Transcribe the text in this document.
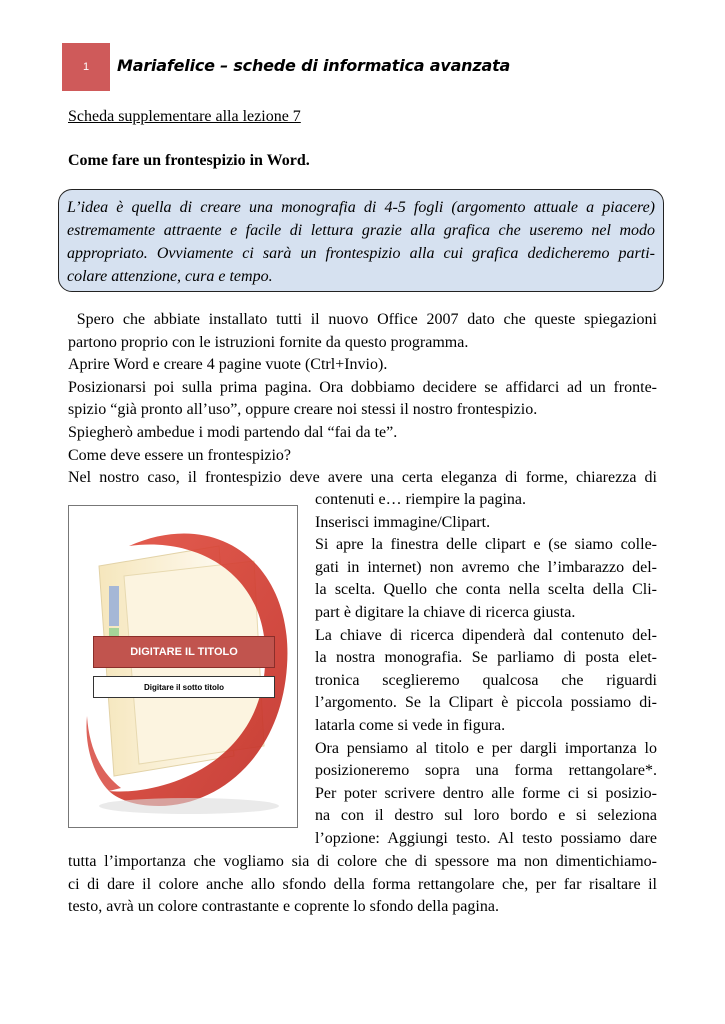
1 Mariafelice – schede di informatica avanzata
Scheda supplementare alla lezione 7
Come fare un frontespizio in Word.
L’idea è quella di creare una monografia di 4-5 fogli (argomento attuale a piacere)
estremamente attraente e facile di lettura grazie alla grafica che useremo nel modo
appropriato. Ovviamente ci sarà un frontespizio alla cui grafica dedicheremo parti-
colare attenzione, cura e tempo.
Spero che abbiate installato tutti il nuovo Office 2007 dato che queste spiegazioni
partono proprio con le istruzioni fornite da questo programma.
Aprire Word e creare 4 pagine vuote (Ctrl+Invio).
Posizionarsi poi sulla prima pagina. Ora dobbiamo decidere se affidarci ad un fronte-
spizio “già pronto all’uso”, oppure creare noi stessi il nostro frontespizio.
Spiegherò ambedue i modi partendo dal “fai da te”.
Come deve essere un frontespizio?
Nel nostro caso, il frontespizio deve avere una certa eleganza di forme, chiarezza di
DIGITARE IL TITOLO
Digitare il sotto titolo
contenuti e… riempire la pagina.
Inserisci immagine/Clipart.
Si apre la finestra delle clipart e (se siamo colle-
gati in internet) non avremo che l’imbarazzo del-
la scelta. Quello che conta nella scelta della Cli-
part è digitare la chiave di ricerca giusta.
La chiave di ricerca dipenderà dal contenuto del-
la nostra monografia. Se parliamo di posta elet-
tronica sceglieremo qualcosa che riguardi
l’argomento. Se la Clipart è piccola possiamo di-
latarla come si vede in figura.
Ora pensiamo al titolo e per dargli importanza lo
posizioneremo sopra una forma rettangolare*.
Per poter scrivere dentro alle forme ci si posizio-
na con il destro sul loro bordo e si seleziona
l’opzione: Aggiungi testo. Al testo possiamo dare
tutta l’importanza che vogliamo sia di colore che di spessore ma non dimentichiamo-
ci di dare il colore anche allo sfondo della forma rettangolare che, per far risaltare il
testo, avrà un colore contrastante e coprente lo sfondo della pagina.
